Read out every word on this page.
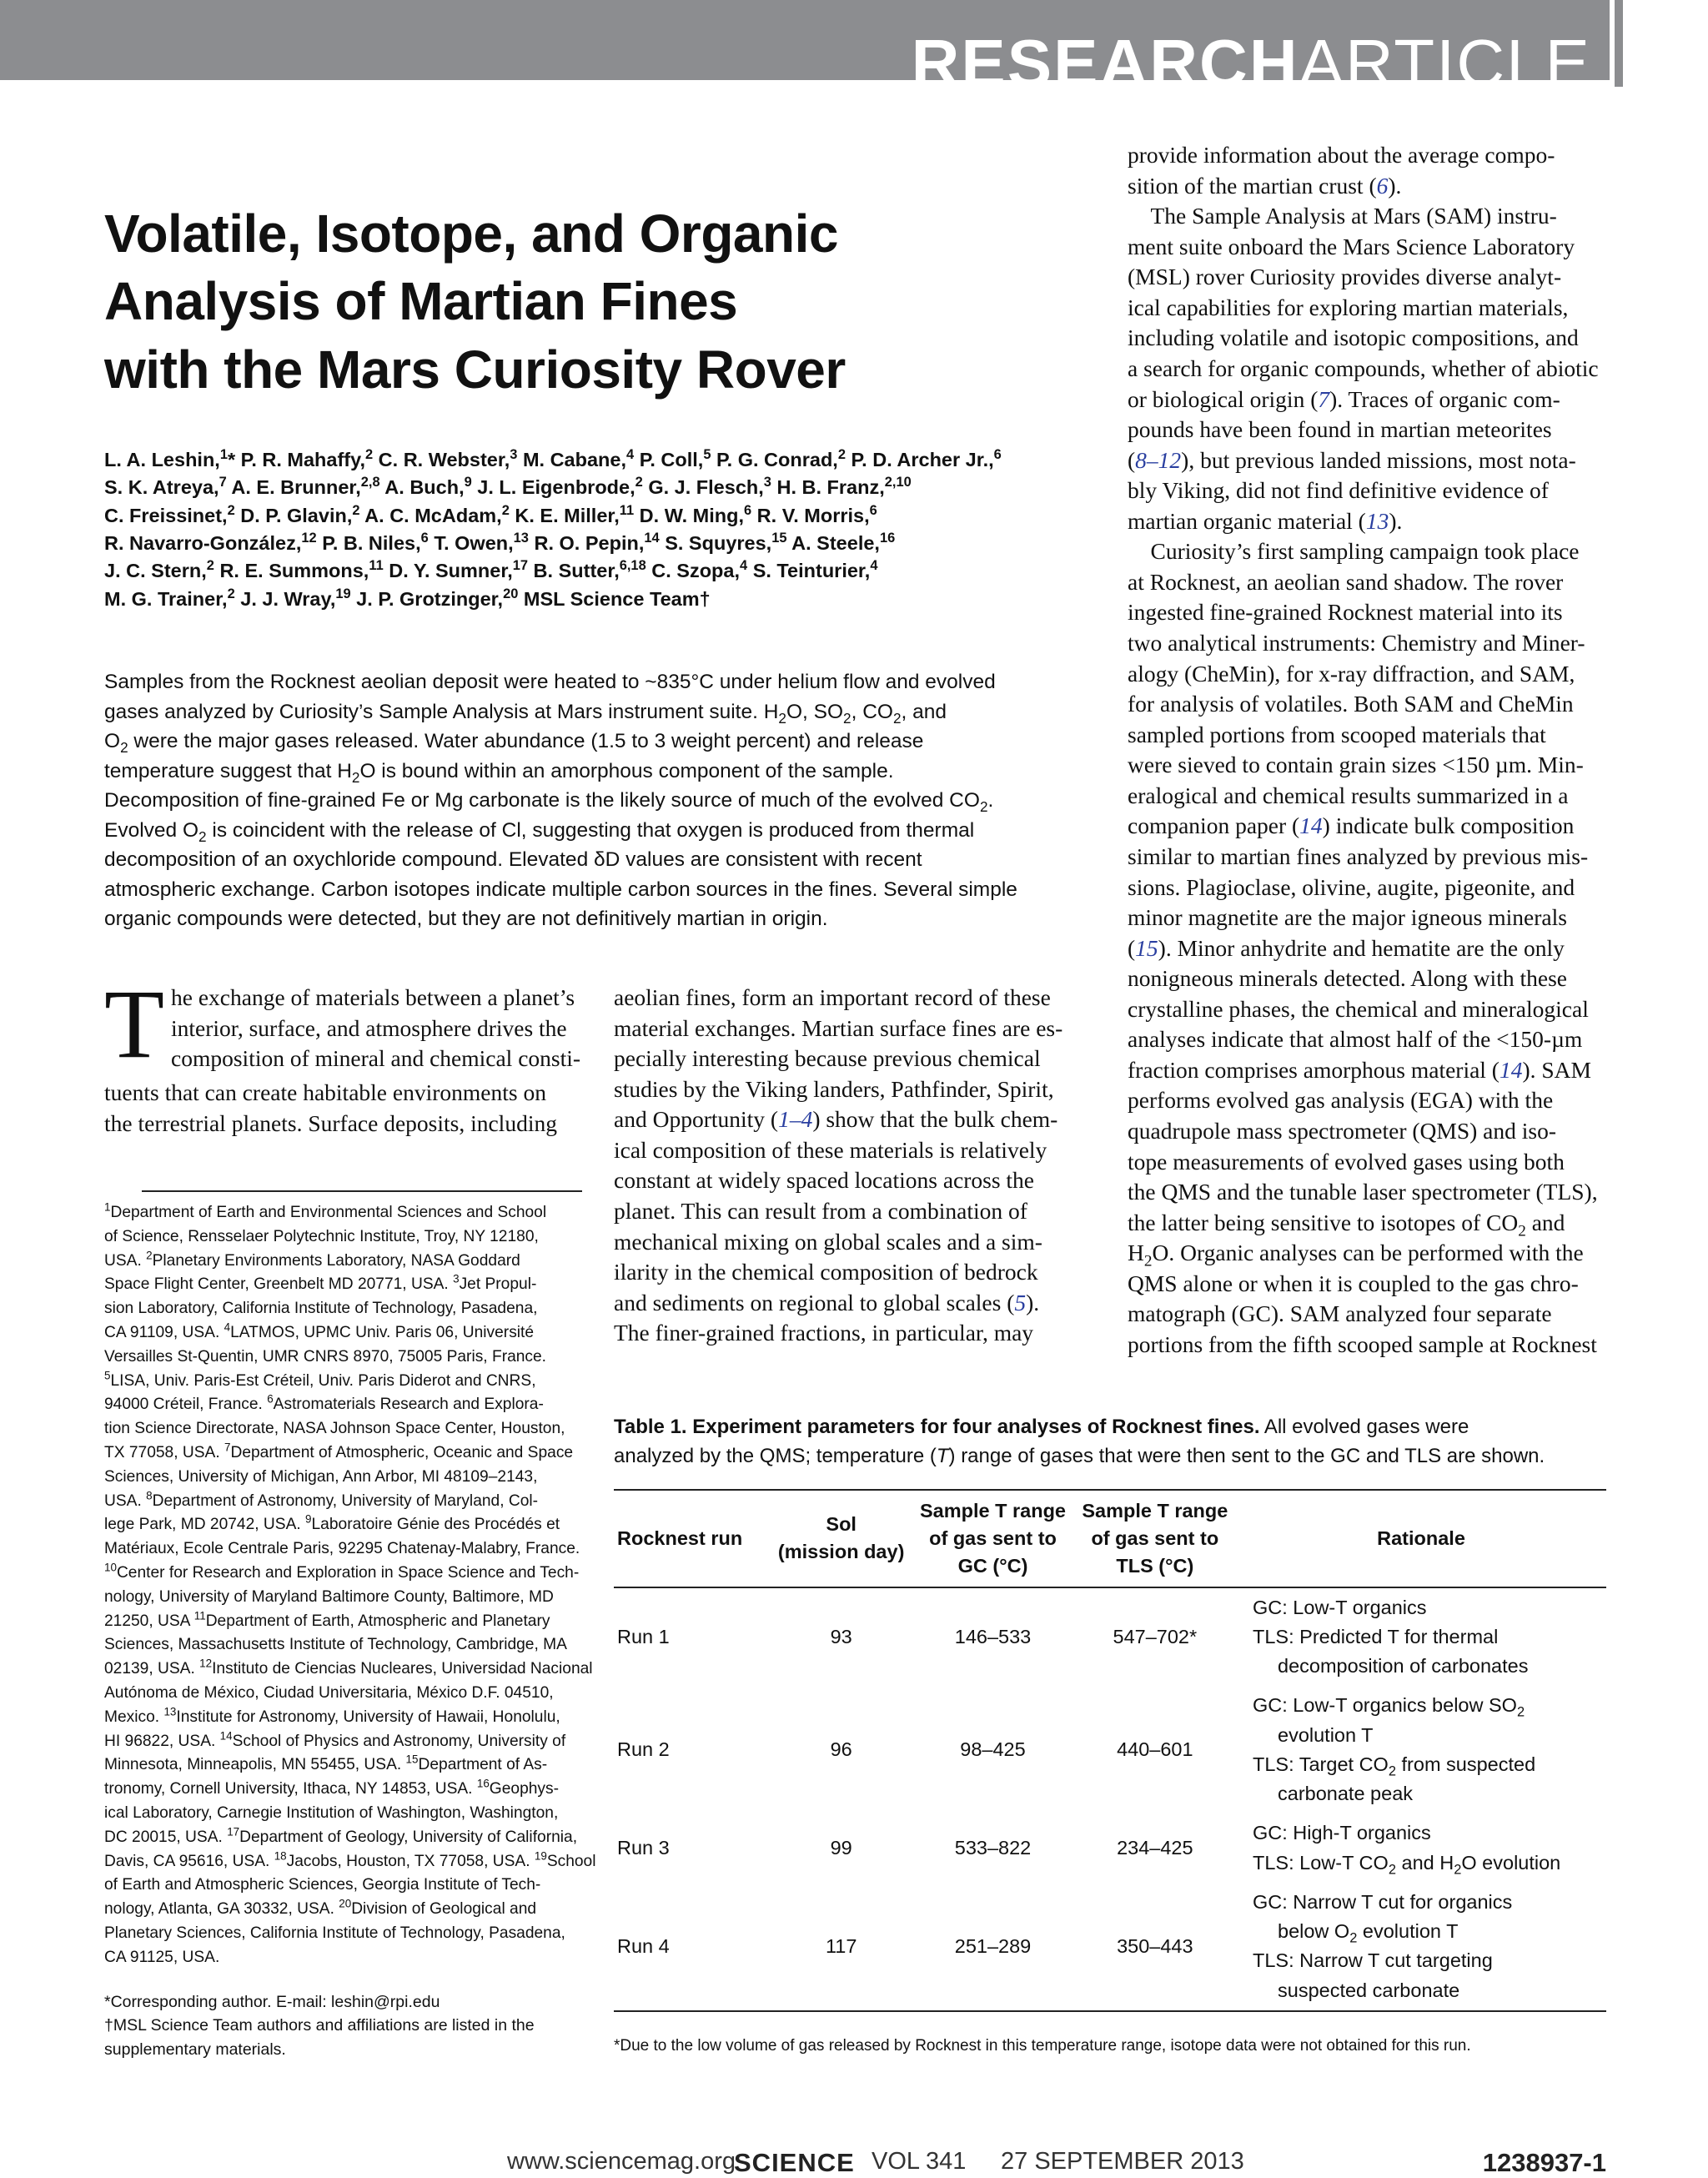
RESEARCHARTICLE
Volatile, Isotope, and Organic
Analysis of Martian Fines
with the Mars Curiosity Rover
L. A. Leshin,$^1$* P. R. Mahaffy,$^2$ C. R. Webster,$^3$ M. Cabane,$^4$ P. Coll,$^5$ P. G. Conrad,$^2$ P. D. Archer Jr.,$^6$
S. K. Atreya,$^7$ A. E. Brunner,$^{2,8}$ A. Buch,$^9$ J. L. Eigenbrode,$^2$ G. J. Flesch,$^3$ H. B. Franz,$^{2,10}$
C. Freissinet,$^2$ D. P. Glavin,$^2$ A. C. McAdam,$^2$ K. E. Miller,$^{11}$ D. W. Ming,$^6$ R. V. Morris,$^6$
R. Navarro-González,$^{12}$ P. B. Niles,$^6$ T. Owen,$^{13}$ R. O. Pepin,$^{14}$ S. Squyres,$^{15}$ A. Steele,$^{16}$
J. C. Stern,$^2$ R. E. Summons,$^{11}$ D. Y. Sumner,$^{17}$ B. Sutter,$^{6,18}$ C. Szopa,$^4$ S. Teinturier,$^4$
M. G. Trainer,$^2$ J. J. Wray,$^{19}$ J. P. Grotzinger,$^{20}$ MSL Science Team†
Samples from the Rocknest aeolian deposit were heated to ~835°C under helium flow and evolved
gases analyzed by Curiosity’s Sample Analysis at Mars instrument suite. $H_2O$, $SO_2$, $CO_2$, and
$O_2$ were the major gases released. Water abundance (1.5 to 3 weight percent) and release
temperature suggest that $H_2O$ is bound within an amorphous component of the sample.
Decomposition of fine-grained Fe or Mg carbonate is the likely source of much of the evolved $CO_2$.
Evolved $O_2$ is coincident with the release of Cl, suggesting that oxygen is produced from thermal
decomposition of an oxychloride compound. Elevated δD values are consistent with recent
atmospheric exchange. Carbon isotopes indicate multiple carbon sources in the fines. Several simple
organic compounds were detected, but they are not definitively martian in origin.
T he exchange of materials between a planet’s
interior, surface, and atmosphere drives the
composition of mineral and chemical consti-
tuents that can create habitable environments on
the terrestrial planets. Surface deposits, including
aeolian fines, form an important record of these
material exchanges. Martian surface fines are es-
pecially interesting because previous chemical
studies by the Viking landers, Pathfinder, Spirit,
and Opportunity (1–4) show that the bulk chem-
ical composition of these materials is relatively
constant at widely spaced locations across the
planet. This can result from a combination of
mechanical mixing on global scales and a sim-
ilarity in the chemical composition of bedrock
and sediments on regional to global scales (5).
The finer-grained fractions, in particular, may
provide information about the average compo-
sition of the martian crust (6).
The Sample Analysis at Mars (SAM) instru-
ment suite onboard the Mars Science Laboratory
(MSL) rover Curiosity provides diverse analyt-
ical capabilities for exploring martian materials,
including volatile and isotopic compositions, and
a search for organic compounds, whether of abiotic
or biological origin (7). Traces of organic com-
pounds have been found in martian meteorites
(8–12), but previous landed missions, most nota-
bly Viking, did not find definitive evidence of
martian organic material (13).
Curiosity’s first sampling campaign took place
at Rocknest, an aeolian sand shadow. The rover
ingested fine-grained Rocknest material into its
two analytical instruments: Chemistry and Miner-
alogy (CheMin), for x-ray diffraction, and SAM,
for analysis of volatiles. Both SAM and CheMin
sampled portions from scooped materials that
were sieved to contain grain sizes <150 µm. Min-
eralogical and chemical results summarized in a
companion paper (14) indicate bulk composition
similar to martian fines analyzed by previous mis-
sions. Plagioclase, olivine, augite, pigeonite, and
minor magnetite are the major igneous minerals
(15). Minor anhydrite and hematite are the only
nonigneous minerals detected. Along with these
crystalline phases, the chemical and mineralogical
analyses indicate that almost half of the <150-µm
fraction comprises amorphous material (14). SAM
performs evolved gas analysis (EGA) with the
quadrupole mass spectrometer (QMS) and iso-
tope measurements of evolved gases using both
the QMS and the tunable laser spectrometer (TLS),
the latter being sensitive to isotopes of $CO_2$ and
$H_2O$. Organic analyses can be performed with the
QMS alone or when it is coupled to the gas chro-
matograph (GC). SAM analyzed four separate
portions from the fifth scooped sample at Rocknest
$^1$Department of Earth and Environmental Sciences and School
of Science, Rensselaer Polytechnic Institute, Troy, NY 12180,
USA. $^2$Planetary Environments Laboratory, NASA Goddard
Space Flight Center, Greenbelt MD 20771, USA. $^3$Jet Propul-
sion Laboratory, California Institute of Technology, Pasadena,
CA 91109, USA. $^4$LATMOS, UPMC Univ. Paris 06, Université
Versailles St-Quentin, UMR CNRS 8970, 75005 Paris, France.
$^5$LISA, Univ. Paris-Est Créteil, Univ. Paris Diderot and CNRS,
94000 Créteil, France. $^6$Astromaterials Research and Explora-
tion Science Directorate, NASA Johnson Space Center, Houston,
TX 77058, USA. $^7$Department of Atmospheric, Oceanic and Space
Sciences, University of Michigan, Ann Arbor, MI 48109–2143,
USA. $^8$Department of Astronomy, University of Maryland, Col-
lege Park, MD 20742, USA. $^9$Laboratoire Génie des Procédés et
Matériaux, Ecole Centrale Paris, 92295 Chatenay-Malabry, France.
$^{10}$Center for Research and Exploration in Space Science and Tech-
nology, University of Maryland Baltimore County, Baltimore, MD
21250, USA $^{11}$Department of Earth, Atmospheric and Planetary
Sciences, Massachusetts Institute of Technology, Cambridge, MA
02139, USA. $^{12}$Instituto de Ciencias Nucleares, Universidad Nacional
Autónoma de México, Ciudad Universitaria, México D.F. 04510,
Mexico. $^{13}$Institute for Astronomy, University of Hawaii, Honolulu,
HI 96822, USA. $^{14}$School of Physics and Astronomy, University of
Minnesota, Minneapolis, MN 55455, USA. $^{15}$Department of As-
tronomy, Cornell University, Ithaca, NY 14853, USA. $^{16}$Geophys-
ical Laboratory, Carnegie Institution of Washington, Washington,
DC 20015, USA. $^{17}$Department of Geology, University of California,
Davis, CA 95616, USA. $^{18}$Jacobs, Houston, TX 77058, USA. $^{19}$School
of Earth and Atmospheric Sciences, Georgia Institute of Tech-
nology, Atlanta, GA 30332, USA. $^{20}$Division of Geological and
Planetary Sciences, California Institute of Technology, Pasadena,
CA 91125, USA.
*Corresponding author. E-mail: leshin@rpi.edu
†MSL Science Team authors and affiliations are listed in the
supplementary materials.
Table 1. Experiment parameters for four analyses of Rocknest fines. All evolved gases were
analyzed by the QMS; temperature (T) range of gases that were then sent to the GC and TLS are shown.
Rocknest run	Sol
(mission day)	Sample T range
of gas sent to
GC (°C)	Sample T range
of gas sent to
TLS (°C)	Rationale
Run 1	93	146–533	547–702*	GC: Low-T organics
TLS: Predicted T for thermal
decomposition of carbonates

Run 2	96	98–425	440–601	GC: Low-T organics below $SO_2$
evolution T
TLS: Target $CO_2$ from suspected
carbonate peak

Run 3	99	533–822	234–425	GC: High-T organics
TLS: Low-T $CO_2$ and $H_2O$ evolution

Run 4	117	251–289	350–443	GC: Narrow T cut for organics
below $O_2$ evolution T
TLS: Narrow T cut targeting
suspected carbonate
*Due to the low volume of gas released by Rocknest in this temperature range, isotope data were not obtained for this run.
www.sciencemag.org
SCIENCE VOL 341 27 SEPTEMBER 2013	1238937-1
